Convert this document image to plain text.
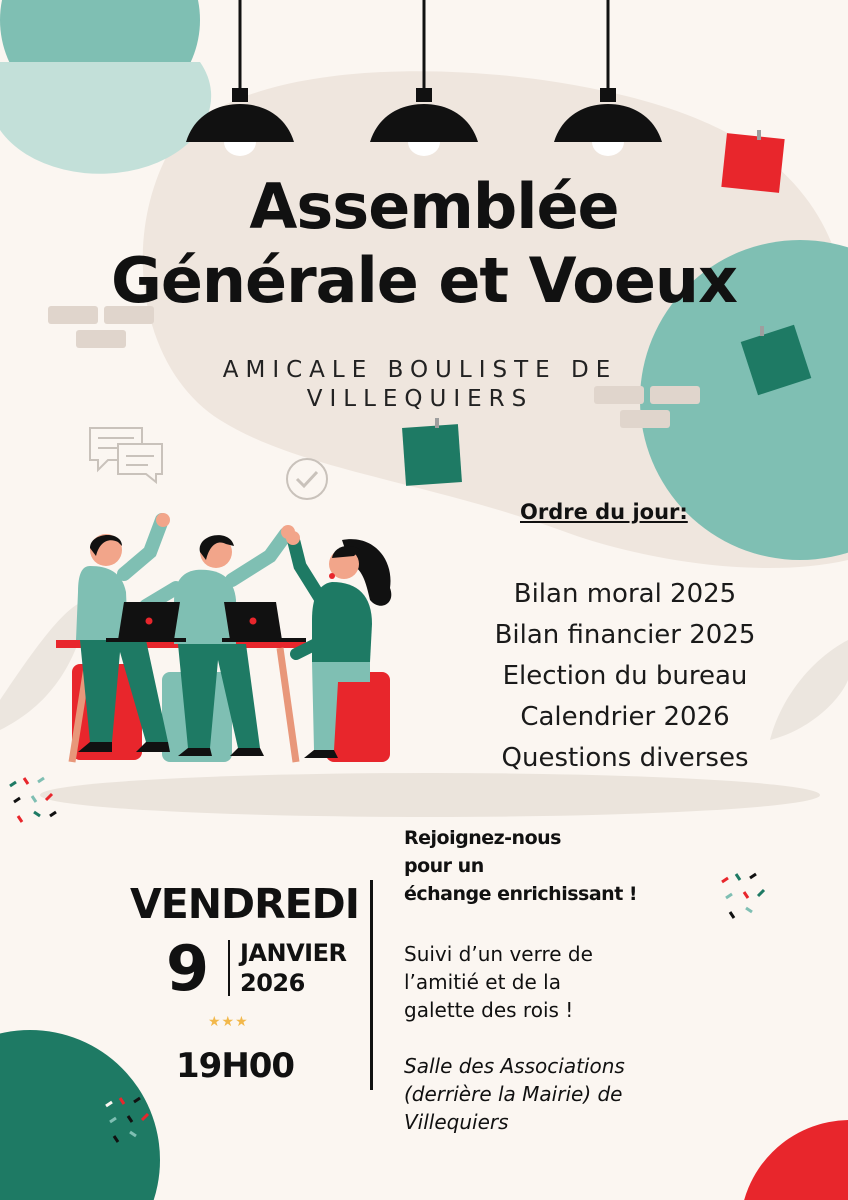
Assemblée
Générale et Voeux
AMICALE BOULISTE DE VILLEQUIERS
Ordre du jour:
Bilan moral 2025
Bilan financier 2025
Election du bureau
Calendrier 2026
Questions diverses
Rejoignez-nous
pour un
échange enrichissant !
Suivi d’un verre de
l’amitié et de la
galette des rois !
Salle des Associations
(derrière la Mairie) de
Villequiers
VENDREDI
9 JANVIER
2026
★★★
19H00
